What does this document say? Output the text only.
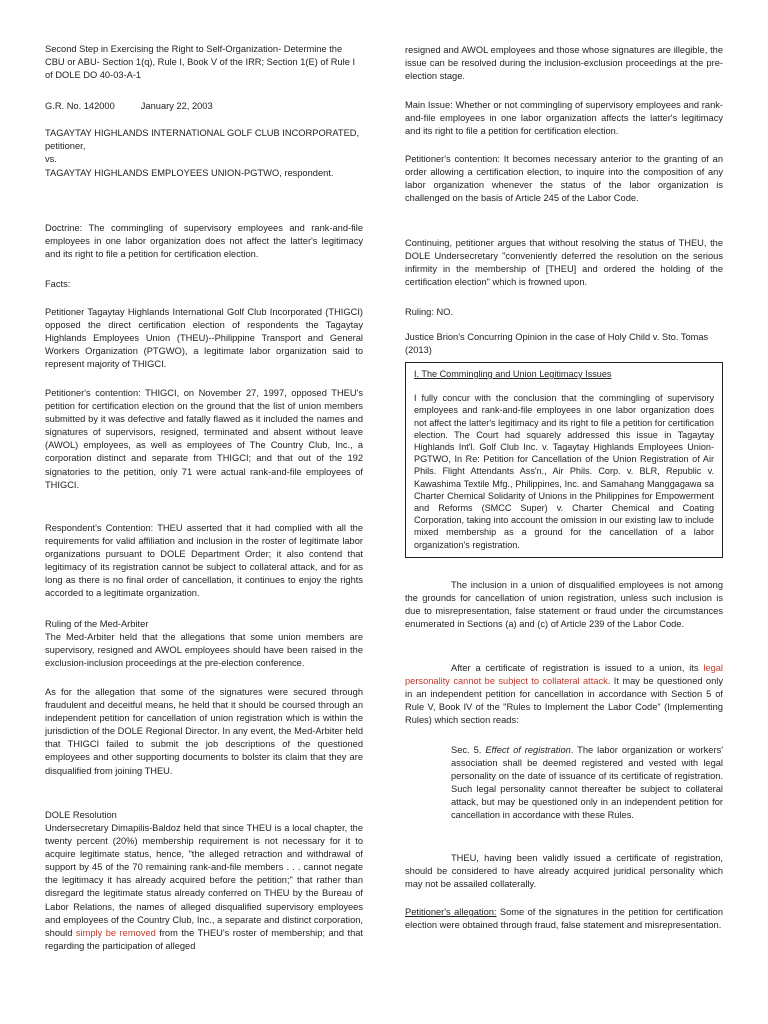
Second Step in Exercising the Right to Self-Organization- Determine the CBU or ABU- Section 1(q), Rule I, Book V of the IRR; Section 1(E) of Rule I of DOLE DO 40-03-A-1

G.R. No. 142000	January 22, 2003

TAGAYTAY HIGHLANDS INTERNATIONAL GOLF CLUB INCORPORATED, petitioner,

vs.

TAGAYTAY HIGHLANDS EMPLOYEES UNION-PGTWO, respondent.

Doctrine: The commingling of supervisory employees and rank-and-file employees in one labor organization does not affect the latter's legitimacy and its right to file a petition for certification election.

Facts:

Petitioner Tagaytay Highlands International Golf Club Incorporated (THIGCI) opposed the direct certification election of respondents the Tagaytay Highlands Employees Union (THEU)--Philippine Transport and General Workers Organization (PTGWO), a legitimate labor organization said to represent majority of THIGCI.

Petitioner's contention: THIGCI, on November 27, 1997, opposed THEU's petition for certification election on the ground that the list of union members submitted by it was defective and fatally flawed as it included the names and signatures of supervisors, resigned, terminated and absent without leave (AWOL) employees, as well as employees of The Country Club, Inc., a corporation distinct and separate from THIGCI; and that out of the 192 signatories to the petition, only 71 were actual rank-and-file employees of THIGCI.

Respondent's Contention: THEU asserted that it had complied with all the requirements for valid affiliation and inclusion in the roster of legitimate labor organizations pursuant to DOLE Department Order; it also contend that legitimacy of its registration cannot be subject to collateral attack, and for as long as there is no final order of cancellation, it continues to enjoy the rights accorded to a legitimate organization.

Ruling of the Med-Arbiter

The Med-Arbiter held that the allegations that some union members are supervisory, resigned and AWOL employees should have been raised in the exclusion-inclusion proceedings at the pre-election conference.

As for the allegation that some of the signatures were secured through fraudulent and deceitful means, he held that it should be coursed through an independent petition for cancellation of union registration which is within the jurisdiction of the DOLE Regional Director. In any event, the Med-Arbiter held that THIGCI failed to submit the job descriptions of the questioned employees and other supporting documents to bolster its claim that they are disqualified from joining THEU.

DOLE Resolution

Undersecretary Dimapilis-Baldoz held that since THEU is a local chapter, the twenty percent (20%) membership requirement is not necessary for it to acquire legitimate status, hence, "the alleged retraction and withdrawal of support by 45 of the 70 remaining rank-and-file members . . . cannot negate the legitimacy it has already acquired before the petition;" that rather than disregard the legitimate status already conferred on THEU by the Bureau of Labor Relations, the names of alleged disqualified supervisory employees and employees of the Country Club, Inc., a separate and distinct corporation, should simply be removed from the THEU's roster of membership; and that regarding the participation of alleged

resigned and AWOL employees and those whose signatures are illegible, the issue can be resolved during the inclusion-exclusion proceedings at the pre-election stage.

Main Issue: Whether or not commingling of supervisory employees and rank-and-file employees in one labor organization affects the latter's legitimacy and its right to file a petition for certification election.

Petitioner's contention: It becomes necessary anterior to the granting of an order allowing a certification election, to inquire into the composition of any labor organization whenever the status of the labor organization is challenged on the basis of Article 245 of the Labor Code.

Continuing, petitioner argues that without resolving the status of THEU, the DOLE Undersecretary "conveniently deferred the resolution on the serious infirmity in the membership of [THEU] and ordered the holding of the certification election" which is frowned upon.

Ruling: NO.

Justice Brion's Concurring Opinion in the case of Holy Child v. Sto. Tomas (2013)

I. The Commingling and Union Legitimacy Issues

I fully concur with the conclusion that the commingling of supervisory employees and rank-and-file employees in one labor organization does not affect the latter's legitimacy and its right to file a petition for certification election. The Court had squarely addressed this issue in Tagaytay Highlands Int'l. Golf Club Inc. v. Tagaytay Highlands Employees Union-PGTWO, In Re: Petition for Cancellation of the Union Registration of Air Phils. Flight Attendants Ass'n., Air Phils. Corp. v. BLR, Republic v. Kawashima Textile Mfg., Philippines, Inc. and Samahang Manggagawa sa Charter Chemical Solidarity of Unions in the Philippines for Empowerment and Reforms (SMCC Super) v. Charter Chemical and Coating Corporation, taking into account the omission in our existing law to include mixed membership as a ground for the cancellation of a labor organization's registration.

The inclusion in a union of disqualified employees is not among the grounds for cancellation of union registration, unless such inclusion is due to misrepresentation, false statement or fraud under the circumstances enumerated in Sections (a) and (c) of Article 239 of the Labor Code.

After a certificate of registration is issued to a union, its legal personality cannot be subject to collateral attack. It may be questioned only in an independent petition for cancellation in accordance with Section 5 of Rule V, Book IV of the "Rules to Implement the Labor Code" (Implementing Rules) which section reads:

Sec. 5. Effect of registration. The labor organization or workers' association shall be deemed registered and vested with legal personality on the date of issuance of its certificate of registration. Such legal personality cannot thereafter be subject to collateral attack, but may be questioned only in an independent petition for cancellation in accordance with these Rules.

THEU, having been validly issued a certificate of registration, should be considered to have already acquired juridical personality which may not be assailed collaterally.

Petitioner's allegation: Some of the signatures in the petition for certification election were obtained through fraud, false statement and misrepresentation.
